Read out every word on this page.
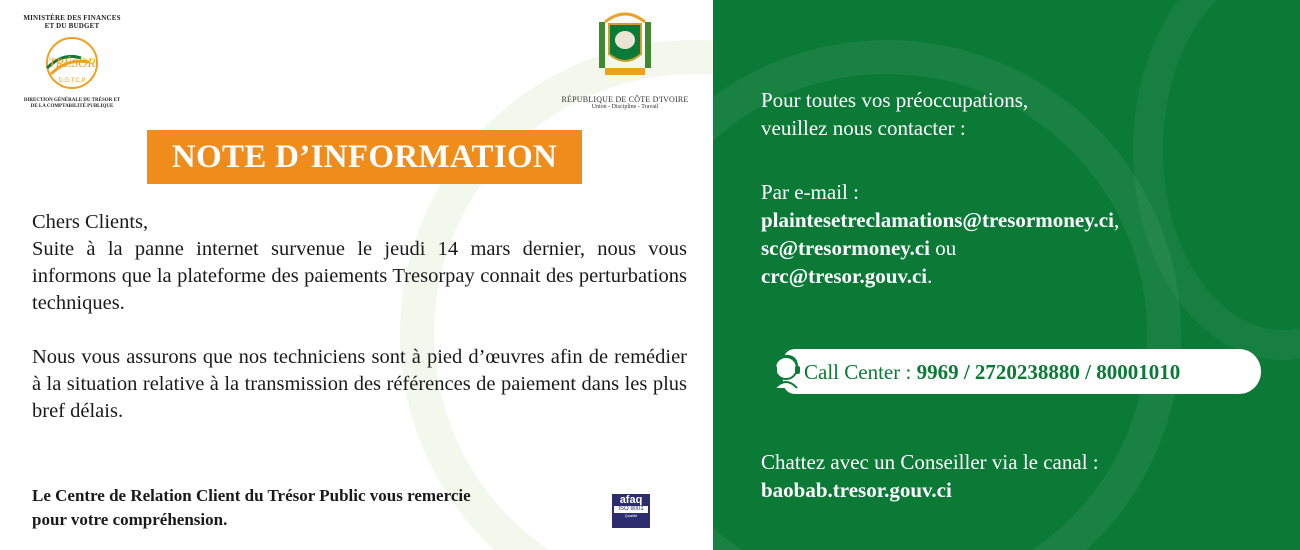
MINISTÈRE DES FINANCES ET DU BUDGET
TRÉSOR
D.G.T.C.P
DIRECTION GÉNÉRALE DU TRÉSOR ET DE LA COMPTABILITÉ PUBLIQUE
RÉPUBLIQUE DE CÔTE D'IVOIRE
Union - Discipline - Travail
NOTE D’INFORMATION

Chers Clients,

Suite à la panne internet survenue le jeudi 14 mars dernier, nous vous informons que la plateforme des paiements Tresorpay connait des perturbations techniques.

Nous vous assurons que nos techniciens sont à pied d’œuvres afin de remédier à la situation relative à la transmission des références de paiement dans les plus bref délais.

Le Centre de Relation Client du Trésor Public vous remercie
pour votre compréhension.
afaq
ISO 9001
Qualité
Pour toutes vos préoccupations,
veuillez nous contacter :
Par e-mail :
plaintesetreclamations@tresormoney.ci,
sc@tresormoney.ci ou
crc@tresor.gouv.ci.
Call Center : 9969 / 2720238880 / 80001010
Chattez avec un Conseiller via le canal :
baobab.tresor.gouv.ci
